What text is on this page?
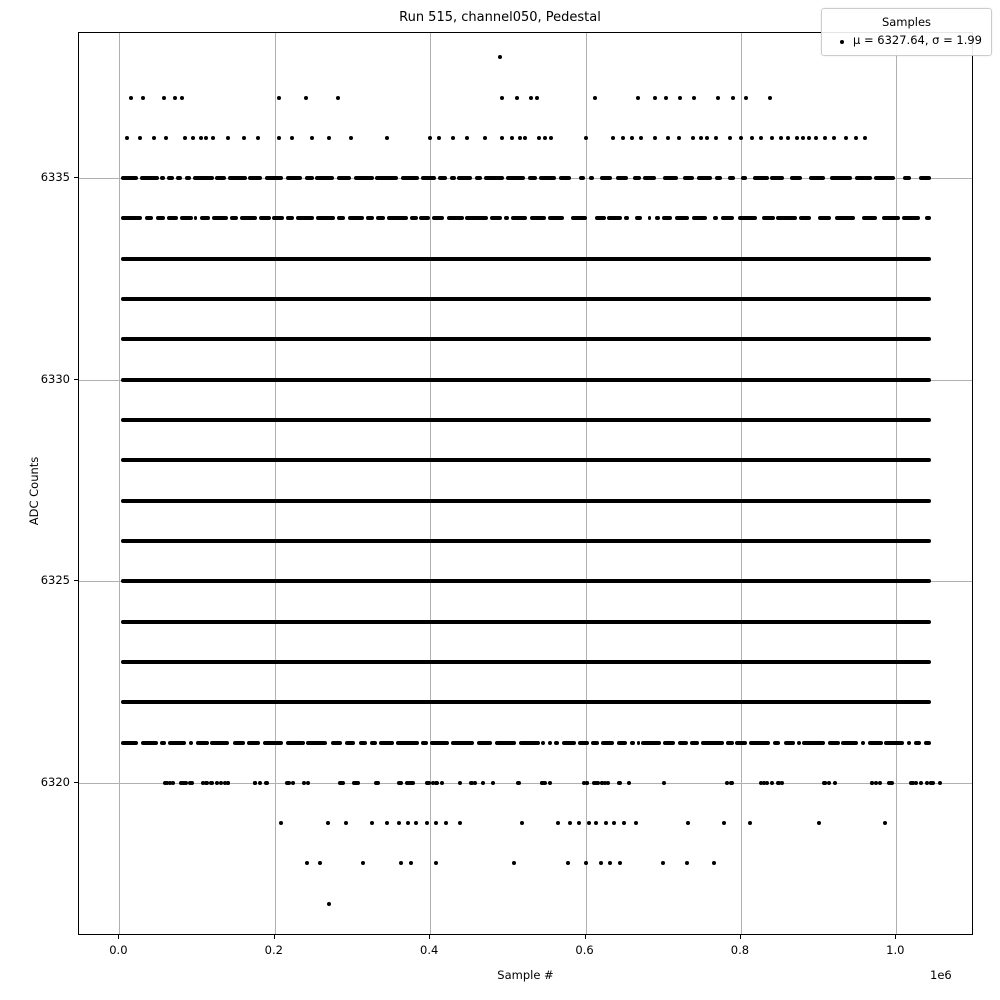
Run 515, channel050, Pedestal
ADC Counts
Sample #	1e6
Samples
μ = 6327.64, σ = 1.99
0.0	0.2	0.4	0.6	0.8	1.0
6320
6325
6330
6335
